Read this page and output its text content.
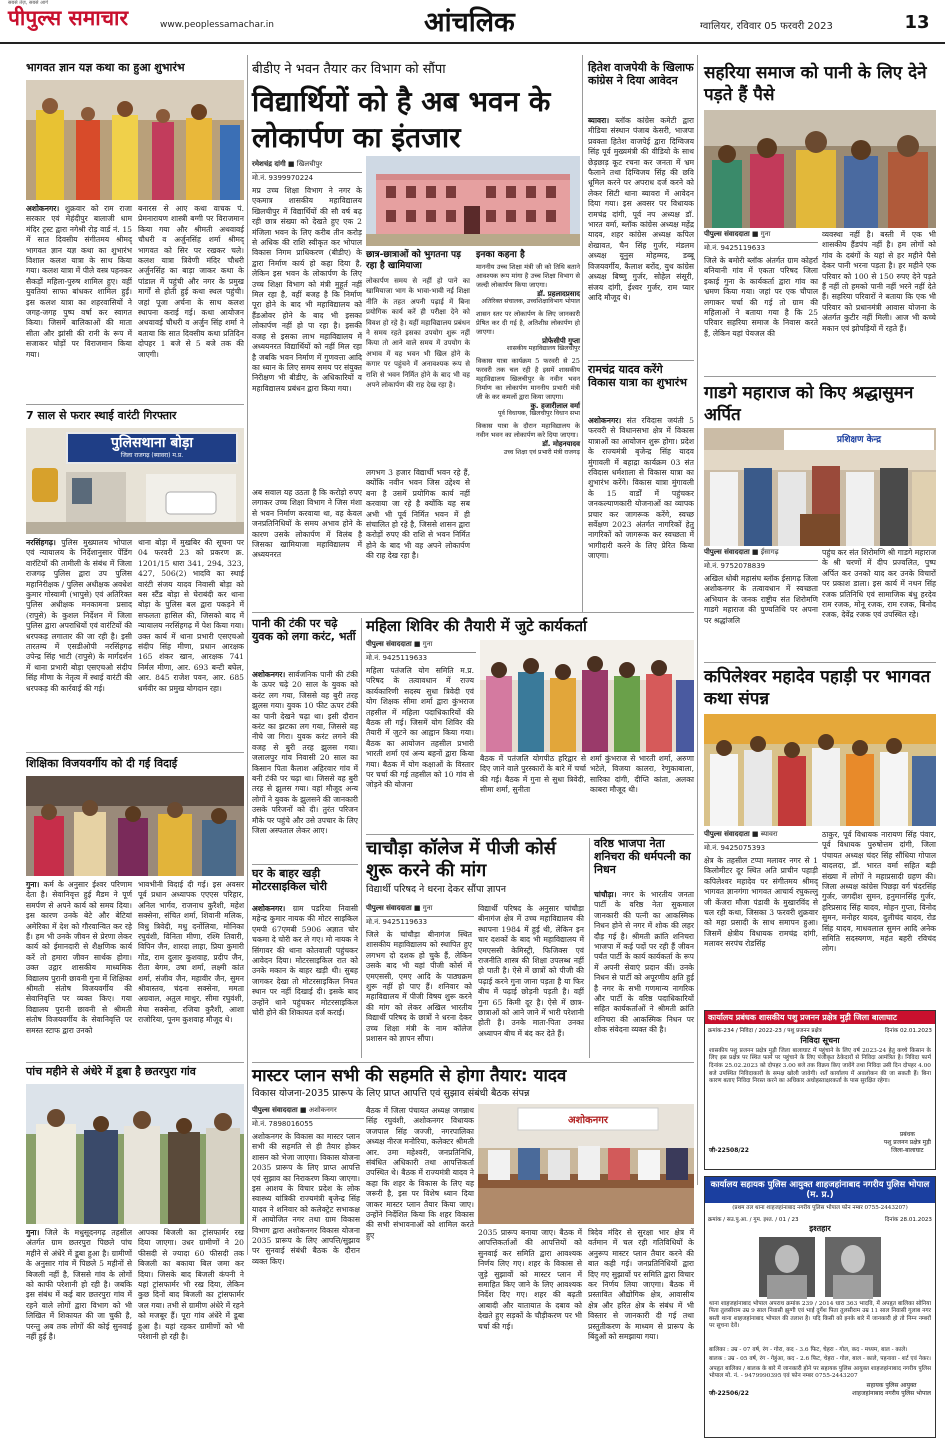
पीपुल्स समाचार
सबसे तेज़, सबसे आगे
www.peoplessamachar.in	आंचलिक	ग्वालियर, रविवार 05 फरवरी 2023	13
भागवत ज्ञान यज्ञ कथा का हुआ शुभारंभ
अशोकनगर। शुक्रवार को राम राजा सरकार एवं मेहंदीपुर बालाजी धाम मंदिर ट्रस्ट द्वारा नगेश्री रोड़ वार्ड नं. 15 में सात दिवसीय संगीतमय श्रीमद् भागवत ज्ञान यज्ञ कथा का शुभारंभ विशाल कलश यात्रा के साथ किया गया। कलश यात्रा में पीले वस्त्र पहनकर सैकड़ों महिला-पुरुष शामिल हुए। वहीं युवतियां साफा बांधकर शामिल हुईं। इस कलश यात्रा का शहरवासियों ने जगह-जगह पुष्प वर्षा कर स्वागत किया। जिसमें बालिकाओं की माता सीता और झांसी की रानी के रूप में सजाकर घोड़ों पर विराजमान किया गया।
बनारस से आए कथा वाचक पं. प्रेमनारायण शास्त्री बग्गी पर विराजमान किया गया और श्रीमती अथवावई चौधरी व अर्जुनसिंह शर्मा श्रीमद् भागवत को सिर पर रखकर चले। कलश यात्रा त्रिवेणी मंदिर चौधरी अर्जुनसिंह का बाड़ा जाकर कथा के पांडाल में पहुंची और नगर के प्रमुख मार्गों से होती हुई कथा स्थल पहुंची। जहां पूजा अर्चना के साथ कलश स्थापना कराई गई। कथा आयोजन अथवावई चौधरी व अर्जुन सिंह शर्मा ने बताया कि सात दिवसीय कथा प्रतिदिन दोपहर 1 बजे से 5 बजे तक की जाएगी।
7 साल से फरार स्थाई वारंटी गिरफ्तार
पुलिसथाना बोड़ा
जिला राजगढ़ (ब्यावरा) म.प्र.
नरसिंहगढ़। पुलिस मुख्यालय भोपाल एवं न्यायालय के निर्देशानुसार पेंडिंग वारंटियों की तामीली के संबंध में जिला राजगढ़ पुलिस द्वारा उप पुलिस महानिरीक्षक / पुलिस अधीक्षक अवधेश कुमार गोस्वामी (भापुसे) एवं अतिरिक्त पुलिस अधीक्षक मनकामना प्रसाद (रापुसे) के कुशल निर्देशन में जिला पुलिस द्वारा अपराधियों एवं वारंटियों की धरपकड़ लगातार की जा रही है। इसी तारतम्य में एसडीओपी नरसिंहगढ़ उपेन्द्र सिंह भाटी (रापुसे) के मार्गदर्शन में थाना प्रभारी बोड़ा एसएचओ संदीप सिंह मीणा के नेतृत्व में स्थाई वारंटी की धरपकड़ की कार्रवाई की गई।
थाना बोड़ा में मुखबिर की सूचना पर 04 फरवरी 23 को प्रकरण क्र. 1201/15 धारा 341, 294, 323, 427, 506(2) भादवि का स्थाई वारंटी संजय यादव निवासी बोड़ा को बस स्टैंड बोड़ा से घेराबंदी कर थाना बोड़ा के पुलिस बल द्वारा पकड़ने में सफलता हासिल की, जिसको बाद में न्यायालय नरसिंहगढ़ में पेश किया गया। उक्त कार्य में थाना प्रभारी एसएचओ संदीप सिंह मीणा, प्रधान आरक्षक 165 शंकर खान, आरक्षक 741 निर्मल मीणा, आर. 693 बन्टी बघेल, आर. 845 राजेश पवन, आर. 685 धर्मवीर का प्रमुख योगदान रहा।
शिक्षिका विजयवर्गीय को दी गई विदाई
गुना। कर्म के अनुसार ईश्वर परिणाम देता है। सेवानिवृत्त हुई मैडम ने पूर्ण समर्पण से अपने कार्य को समय दिया। इस कारण उनके बेटे और बेटियां अमेरिका में देश को गौरवान्वित कर रहे हैं। हम भी उनके जीवन से प्रेरणा लेकर कार्य को ईमानदारी से शैक्षणिक कार्य करें तो हमारा जीवन सार्थक होगा। उक्त उद्गार शासकीय माध्यमिक विद्यालय पुरानी छावनी गुना में शिक्षिका श्रीमती संतोष विजयवर्गीय की सेवानिवृत्ति पर व्यक्त किए। गया विद्यालय पुरानी छावनी से श्रीमती संतोष विजयवर्गीय के सेवानिवृत्ति पर समस्त स्टाफ द्वारा उनको
भावभीनी विदाई दी गई। इस अवसर पूर्व प्रधान अध्यापक एएएस परिहार, अनिल भार्गव, राजनाथ कुरैशी, महेश सक्सेना, संचित शर्मा, शिवानी मलिक, विधु त्रिवेदी, मधु दर्नोलिया, मोनिका रघुवंशी, विनिता मीणा, रश्मि तिवारी, विपिन जैन, शारदा लाहा, प्रिया कुमारी गोंड, राम दुलार कुशवाह, प्रदीप जैन, रीता बेगम, उषा शर्मा, लक्ष्मी कांत शर्मा, संजीव जैन, महावीर जैन, सुमन श्रीवास्तव, चंदना सक्सेना, ममता अग्रवाल, अतुल माथुर, सीमा रघुवंशी, मेघा सक्सेना, रजिया कुरैशी, आशा राजोरिया, पूनम कुशवाह मौजूद थे।
पांच महीने से अंधेरे में डूबा है छतरपुरा गांव
गुना। जिले के मधुसूदनगढ़ तहसील अंतर्गत ग्राम छतरपुरा पिछले पांच महीने से अंधेरे में डूबा हुआ है। ग्रामीणों के अनुसार गांव में पिछले 5 महीनों से बिजली नहीं है, जिससे गांव के लोगों को काफी परेशानी हो रही है। जबकि इस संबंध में कई बार छतरपुरा गांव में रहने वाले लोगों द्वारा विभाग को भी लिखित में शिकायत की जा चुकी है, परन्तु अब तक लोगों की कोई सुनवाई नहीं हुई है।
आपका बिजली का ट्रांसफार्मर रख दिया जाएगा। उधर ग्रामीणों ने 20 फीसदी से ज्यादा 60 फीसदी तक बिजली का बकाया बिल जमा कर दिया। जिसके बाद बिजली कंपनी ने यहां ट्रांसफार्मर भी रख दिया, लेकिन कुछ दिनों बाद बिजली का ट्रांसफार्मर जल गया। तभी से ग्रामीण अंधेरे में रहने को मजबूर हैं। पूरा गांव अंधेरे में डूबा हुआ है। यहां रहकर ग्रामीणों को भी परेशानी हो रही है।
बीडीए ने भवन तैयार कर विभाग को सौंपा
विद्यार्थियों को है अब भवन के लोकार्पण का इंतजार
रमेशचंद्र दांगी ■ खिलचीपुर
मो.नं. 9399970224
मप्र उच्च शिक्षा विभाग ने नगर के एकमात्र शासकीय महाविद्यालय खिलचीपुर में विद्यार्थियों की सौ वर्ष बढ़ रही छात्र संख्या को देखते हुए एक 2 मंजिला भवन के लिए करीब तीन करोड़ से अधिक की राशि स्वीकृत कर भोपाल विकास निगम प्राधिकरण (बीडीए) के द्वारा निर्माण कार्य हो कहा दिया है, लेकिन इस भवन के लोकार्पण के लिए उच्च शिक्षा विभाग को मंत्री मुहूर्त नहीं मिल रहा है, वहीं बजह है कि निर्माण पूरा होने के बाद भी महाविद्यालय को हैंडओवर होने के बाद भी इसका लोकार्पण नहीं हो पा रहा है। इसकी वजह से इसका लाभ महाविद्यालय में अध्ययनरत विद्यार्थियों को नहीं मिल रहा है जबकि भवन निर्माण में गुणवत्ता आदि का ध्यान के लिए समय समय पर संयुक्त निरीक्षण भी बीडीए, के अधिकारियों व महाविद्यालय प्रबंधन द्वारा किया गया।
अब सवाल यह उठता है कि करोड़ो रुपए लगाकर उच्च शिक्षा विभाग ने जिस मंशा से भवन निर्माण करवाया था, वह केवल जनप्रतिनिधियों के समय अभाव होने के कारण उसके लोकार्पण में विलंब है जिसका खामियाजा महाविद्यालय में अध्ययनरत
छात्र-छात्राओं को भुगतना पड़ रहा है खामियाजा
लोकार्पण समय से नहीं हो पाने का खामियाजा भाग के भावा-भावी नई शिक्षा नीति के तहत अपनी पढ़ाई में बिना प्रयोगिक कार्य करें ही परीक्षा देने को विवश हो रहे है। यहीं महाविद्यालय प्रबंधन ने समय रहते इसका उपयोग शुरू नहीं किया तो आने वाले समय में उपयोग के अभाव में यह भवन भी खिल होने के कगार पर पहुंचने में अनावश्यक रूप से राशि से भवन निर्मित होने के बाद भी वह अपने लोकार्पण की राह देख रहा है।
लगभग 3 हजार विद्यार्थी भवन रहे हैं, क्योंकि नवीन भवन जिस उद्देश्य से बना है उसमें प्रयोगिक कार्य नहीं करवाया जा रहे है क्योंकि यह सब अभी भी पूर्व निर्मित भवन में ही संचालित हो रहे है, जिससे शासन द्वारा करोड़ों रुपए की राशि से भवन निर्मित होने के बाद भी वह अपने लोकार्पण की राह देख रहा है।
इनका कहना है
माननीय उच्च शिक्षा मंत्री जी को तिथि बताने आवश्यक रूप मांगा है उच्च शिक्षा विभाग से जल्दी लोकार्पण किया जाएगा।
डॉ. प्रहलादप्रसाद
अतिरिक्त संचालक, उच्चशिक्षाविभाग भोपाल
शासन स्तर पर लोकार्पण के लिए जानकारी प्रेषित कर दी गई है, अतिशीघ्र लोकार्पण हो जाएगा।
प्रोफेसीपी गुप्ता
शासकीय महाविद्यालय खिलचीपुर
विकास यात्रा कार्यक्रम 5 फरवरी से 25 फरवरी तक चल रही है इसमें शासकीय महाविद्यालय खिलचीपुर के नवीन भवन निर्माण का लोकार्पण माननीय प्रभारी मंत्री जी के कर कमलों द्वारा किया जाएगा।
कु. हजारीलाल वर्मा
पूर्व विधायक, खिलचीपुर विधान सभा
विकास यात्रा के दौरान महाविद्यालय के नवीन भवन का लोकार्पण करे दिया जाएगा।
डॉ. मोहनयादव
उच्च शिक्षा एवं प्रभारी मंत्री राजगढ़
हितेश वाजपेयी के खिलाफ कांग्रेस ने दिया आवेदन
ब्यावरा। ब्लॉक कांग्रेस कमेटी द्वारा मीडिया संस्थान पंजाब केसरी, भाजपा प्रवक्ता हितेश वाजपेई द्वारा दिग्विजय सिंह पूर्व मुख्यमंत्री की वीडियो के साथ छेड़छाड़ कूट रचना कर जनता में भ्रम फैलाने तथा दिग्विजय सिंह की छवि धूमिल करने पर अपराध दर्ज करने को लेकर सिटी थाना ब्यावरा में आवेदन दिया गया। इस अवसर पर विधायक रामचंद्र दांगी, पूर्व नप अध्यक्ष डॉ. भारत वर्मा, ब्लॉक कांग्रेस अध्यक्ष महेंद्र यादव, शहर कांग्रेस अध्यक्ष कपिल शेखावत, चैन सिंह गुर्जर, मंडलम अध्यक्ष यूनुस मोहम्मद, डब्बू विजयवर्गीय, कैलाश बरोंद, युथ कांग्रेस अध्यक्ष बिष्णु गुर्जर, सोहेल संसूरी, संजय दांगी, ईश्वर गुर्जर, राम प्यार आदि मौजूद थे।
रामचंद्र यादव करेंगे विकास यात्रा का शुभारंभ
अशोकनगर। संत रविदास जयंती 5 फरवरी से विधानसभा क्षेत्र में विकास यात्राओं का आयोजन शुरू होगा। प्रदेश के राज्यमंत्री बृजेन्द्र सिंह यादव मुंगावली में बहाद्रा कार्यक्रम 03 संत रविदास धर्मशाला से विकास यात्रा का शुभारंभ करेंगे। विकास यात्रा मुंगावली के 15 वार्डों में पहुंचकर जनकल्याणकारी योजनाओं का व्यापक प्रचार कर जागरूक करेंगे, स्वच्छ सर्वेक्षण 2023 अंतर्गत नागरिकों हेतु नागरिकों को जागरूक कर स्वच्छता में भागीदारी करने के लिए प्रेरित किया जाएगा।
पानी की टंकी पर चढ़े युवक को लगा करंट, भर्ती
अशोकनगर। सार्वजनिक पानी की टंकी के ऊपर चढ़े 20 साल के युवक को करंट लग गया, जिससे वह बुरी तरह झुलस गया। युवक 10 फीट ऊपर टंकी का पानी देखने चढ़ा था। इसी दौरान करंट का झटका लग गया, जिससे वह नीचे जा गिरा। युवक करंट लगने की वजह से बुरी तरह झुलस गया। जलालपुर गांव निवासी 20 साल का किसान पिता कैलाश अहिरवार गांव में बनी टंकी पर चढ़ा था। जिससे वह बुरी तरह से झुलस गया। वहां मौजूद अन्य लोगों ने युवक के झुलसने की जानकारी उसके परिजनों को दी। तुरंत परिजन मौके पर पहुंचे और उसे उपचार के लिए जिला अस्पताल लेकर आए।
घर के बाहर खड़ी मोटरसाइकिल चोरी
अशोकनगर। ग्राम पडरिया निवासी महेन्द्र कुमार नायक की मोटर साइकिल एमपी 67एमबी 5906 अज्ञात चोर चकमा दे चोरी कर ले गए। मो नायक ने सिंगावर की थाना कोतवाली पहुंचकर आवेदन दिया। मोटरसाइकिल रात को उनके मकान के बाहर खड़ी थी। सुबह जागकर देखा तो मोटरसाइकिल नियत स्थान पर नहीं दिखाई दी। इसके बाद उन्होंने थाने पहुंचकर मोटरसाइकिल चोरी होने की शिकायत दर्ज कराई।
महिला शिविर की तैयारी में जुटे कार्यकर्ता
पीपुल्स संवाददाता ■ गुना
मो.नं. 9425119633
महिला पतंजलि योग समिति म.प्र. परिषद के तत्वावधान में राज्य कार्यकारिणी सदस्य सुधा त्रिवेदी एवं योग शिक्षक सीमा शर्मा द्वारा कुंभराज तहसील में महिला पदाधिकारियों की बैठक ली गई। जिसमें योग शिविर की तैयारी में जुटने का आह्वान किया गया। बैठक का आयोजन तहसील प्रभारी भारती शर्मा एवं अन्य बहनों द्वारा किया गया। बैठक में योग कक्षाओं के विस्तार पर चर्चा की गई तहसील को 10 गांव से जोड़ने की योजना
बैठक में पतंजलि योगपीठ हरिद्वार से दिए जाने वाले पुरस्कारों के बारे में चर्चा की गई। बैठक में गुना से सुधा त्रिवेदी, सीमा शर्मा, सुनीता
शर्मा कुंभराज से भारती शर्मा, अरुणा भटेले, विजया कालरा, रेणुकाबाला, सारिका दांगी, दीप्ति कांता, अलका काबरा मौजूद थी।
चाचौड़ा कॉलेज में पीजी कोर्स शुरू करने की मांग
विद्यार्थी परिषद ने धरना देकर सौंपा ज्ञापन
पीपुल्स संवाददाता ■ गुना
मो.नं. 9425119633
जिले के चांचौड़ा बीनागंज स्थित शासकीय महाविद्यालय को स्थापित हुए लगभग दो दशक हो चुके हैं, लेकिन उसके बाद भी यहां पीजी कोर्स में एमएससी, एमए आदि के पाठ्यक्रम शुरू नहीं हो पाए हैं। शनिवार को महाविद्यालय में पीजी विषय शुरू करने की मांग को लेकर अखिल भारतीय विद्यार्थी परिषद के छात्रों ने धरना देकर उच्च शिक्षा मंत्री के नाम कॉलेज प्रशासन को ज्ञापन सौंपा।
विद्यार्थी परिषद के अनुसार चांचौड़ा बीनागंज क्षेत्र में उच्च महाविद्यालय की स्थापना 1984 में हुई थी, लेकिन इन चार दशकों के बाद भी महाविद्यालय में एमएससी केमिस्ट्री, फिजिक्स एवं राजनीति शास्त्र की शिक्षा उपलब्ध नहीं हो पाती है। ऐसे में छात्रों को पीजी की पढ़ाई करने गुना जाना पड़ता है या फिर बीच में पढ़ाई छोड़नी पड़ती है। वहीं गुना 65 किमी दूर है। ऐसे में छात्र-छात्राओं को आने जाने में भारी परेशानी होती है। उनके माता-पिता उनका अध्यापन बीच में बंद कर देते हैं।
वरिष्ठ भाजपा नेता शनिचरा की धर्मपत्नी का निधन
चांचौड़ा। नगर के भारतीय जनता पार्टी के वरिष्ठ नेता सुकमाल जानकारी की पत्नी का आकस्मिक निधन होने से नगर में शोक की लहर दौड़ गई है। श्रीमती क्रांति शनिचरा भाजपा में कई पदों पर रही हैं जीवन पर्यंत पार्टी के कार्य कार्यकर्ता के रूप में अपनी सेवाएं प्रदान कीं। उनके निधन से पार्टी को अपूरणीय क्षति हुई है नगर के सभी गणमान्य नागरिक और पार्टी के वरिष्ठ पदाधिकारियों सहित कार्यकर्ताओं ने श्रीमती क्रांति शनिचरा की आकस्मिक निधन पर शोक संवेदना व्यक्त की है।
मास्टर प्लान सभी की सहमति से होगा तैयार: यादव
विकास योजना-2035 प्रारूप के लिए प्राप्त आपत्ति एवं सुझाव संबंधी बैठक संपन्न
पीपुल्स संवाददाता ■ अशोकनगर
मो.नं. 7898016055	अशोकनगर
अशोकनगर के विकास का मास्टर प्लान सभी की सहमति से ही तैयार होकर शासन को भेजा जाएगा। विकास योजना 2035 प्रारूप के लिए प्राप्त आपत्ति एवं सुझाव का निराकरण किया जाएगा। इस आशय के विचार प्रदेश के लोक स्वास्थ्य यांत्रिकी राज्यमंत्री बृजेन्द्र सिंह यादव ने शनिवार को कलेक्ट्रेट सभाकक्ष में आयोजित नगर तथा ग्राम विकास विभाग द्वारा अशोकनगर विकास योजना 2035 प्रारूप के लिए आपत्ति/सुझाव पर सुनवाई संबंधी बैठक के दौरान व्यक्त किए।
बैठक में जिला पंचायत अध्यक्ष जगन्नाथ सिंह रघुवंशी, अशोकनगर विधायक जजपाल सिंह जज्जी, नगरपालिका अध्यक्ष नीरज मनोरिया, कलेक्टर श्रीमती आर. उमा महेश्वरी, जनप्रतिनिधि, संबंधित अधिकारी तथा आपत्तिकर्ता उपस्थित थे। बैठक में राज्यमंत्री यादव ने कहा कि शहर के विकास के लिए यह जरूरी है, इस पर विशेष ध्यान दिया जाकर मास्टर प्लान तैयार किया जाए। उन्होंने निर्देशित किया कि शहर विकास की सभी संभावनाओं को शामिल करते हुए	2035 प्रारूप बनाया जाए। बैठक में आपत्तिकर्ताओं की आपत्तियों को सुनवाई कर समिति द्वारा आवश्यक निर्णय लिए गए। शहर के विकास से जुड़े सुझावों को मास्टर प्लान में समाहित किए जाने के लिए आवश्यक निर्देश दिए गए। शहर की बढ़ती आबादी और यातायात के दबाव को देखते हुए सड़कों के चौड़ीकरण पर भी चर्चा की गई।
त्रिदेव मंदिर से सुरक्षा भार क्षेत्र में वर्तमान में चल रही गतिविधियों के अनुरूप मास्टर प्लान तैयार करने की बात कही गई। जनप्रतिनिधियों द्वारा दिए गए सुझावों पर समिति द्वारा विचार कर निर्णय लिया जाएगा। बैठक में प्रस्तावित औद्योगिक क्षेत्र, आवासीय क्षेत्र और हरित क्षेत्र के संबंध में भी विस्तार से जानकारी दी गई तथा प्रस्तुतीकरण के माध्यम से प्रारूप के बिंदुओं को समझाया गया।
सहरिया समाज को पानी के लिए देने पड़ते हैं पैसे
पीपुल्स संवाददाता ■ गुना
मो.नं. 9425119633
जिले के बमोरी ब्लॉक अंतर्गत ग्राम कोहर्रा बनियानी गांव में एकता परिषद जिला इकाई गुना के कार्यकर्ता द्वारा गांव का भ्रमण किया गया। जहां पर एक चौपाल लगाकर चर्चा की गई तो ग्राम की महिलाओं ने बताया गया है कि 25 परिवार सहरिया समाज के निवास करते हैं, लेकिन यहां पेयजल की
व्यवस्था नहीं है। बस्ती में एक भी शासकीय हैंडपंप नहीं है। हम लोगों को गांव के दबंगों के यहां से हर महीने पैसे देकर पानी भरना पड़ता है। हर महीने एक परिवार को 100 से 150 रुपए देने पड़ते हैं नहीं तो हमको पानी नहीं भरने नहीं देते हैं। सहरिया परिवारों ने बताया कि एक भी परिवार को प्रधानमंत्री आवास योजना के अंतर्गत कुटीर नहीं मिली। आज भी कच्चे मकान एवं झोपड़ियों में रहते हैं।
गाडगे महाराज को किए श्रद्धासुमन अर्पित
प्रशिक्षण केन्द्र
पीपुल्स संवाददाता ■ ईसागढ़
मो.नं. 9752078839
अखिल धोबी महासंघ ब्लॉक ईसागढ़ जिला अशोकनगर के तत्वावधान में स्वच्छता अभियान के जनक राष्ट्रीय संत शिरोमणि गाडगे महाराज की पुण्यतिथि पर अपना पर श्रद्धांजलि
पहुंच कर संत शिरोमणि श्री गाडगे महाराज के श्री चरणों में दीप प्रज्वलित, पुष्प अर्पित कर उनको याद कर उनके विचारों पर प्रकाश डाला। इस कार्य में नथन सिंह रजक प्रतिनिधि एवं सामाजिक बंधु हरदेव राम रजक, मोनू रजक, राम रजक, बिनोद रजक, देवेंद्र रजक एवं उपस्थित रहे।
कपिलेश्वर महादेव पहाड़ी पर भागवत कथा संपन्न
पीपुल्स संवाददाता ■ ब्यावरा
मो.नं. 9425075393
क्षेत्र के तहसील टप्पा मलावर नगर से 1 किलोमीटर दूर स्थित अति प्राचीन पहाड़ी कपिलेश्वर महादेव पर संगीतमय श्रीमद् भागवत ज्ञानगंगा भागवत आचार्य रघुकल्लु जी केंजरा मौजा पंडावी के मुखारविंद से चल रही कथा, जिसका 3 फरवरी शुक्रवार को महा प्रसादी के साथ समापन हुआ। जिसमें क्षेत्रीय विधायक रामचंद्र दांगी, मलावर सरपंच रोडसिंह
ठाकुर, पूर्व विधायक नारायण सिंह पंवार, पूर्व विधायक पुरुषोत्तम दांगी, जिला पंचायत अध्यक्ष चंदर सिंह सौंधिया गोपाल बादलदा, डॉ. भारत वर्मा सहित बड़ी संख्या में लोगों ने महाप्रसादी ग्रहण की। जिला अध्यक्ष कांग्रेस पिछड़ा वर्ग चंदरसिंह गुर्जर, जगदीश सुमन, हनुमानसिंह गुर्जर, हरिप्रसाद सिंह यादव, मोहन गुप्ता, विनोद सुमन, मनोहर यादव, दुलीचंद यादव, रोड सिंह यादव, माधवलाल सुमन आदि अनेक समिति सदस्यगण, महंत बहरी रविचंद लोग।
कार्यालय प्रबंधक शासकीय पशु प्रजनन प्रक्षेत्र मुड़ी जिला बालाघाट
क्रमांक-234 / निविदा / 2022-23 / पशु प्रजनन प्रक्षेत्र	दिनांक 02.01.2023
निविदा सूचना
शासकीय पशु प्रजनन प्रक्षेत्र मुड़ी जिला बालाघाट में पहुंचाने के लिए वर्ष 2023-24 हेतु कच्चे किसान के लिए इस प्रक्षेत्र पर स्थित फार्म पर पहुंचाने के लिए पंजीकृत ठेकेदारों से निविदा आमंत्रित है। निविदा फार्म दिनांक 25.02.2023 को दोपहर 3.00 बजे तक विक्रय किए जावेंगे तथा निविदा उसी दिन दोपहर 4.00 बजे उपस्थित निविदाकारों के समक्ष खोली जावेगी। शर्तें कार्यालय में अवलोकन की जा सकती हैं। बिना कारण बताए निविदा निरस्त करने का अधिकार अधोहस्ताक्षरकर्ता के पास सुरक्षित रहेगा।
जी-22508/22
प्रबंधक
पशु प्रजनन प्रक्षेत्र मुड़ी
जिला-बालाघाट
कार्यालय सहायक पुलिस आयुक्त शाहजहांनाबाद नगरीय पुलिस भोपाल (म. प्र.)
(प्रथम तल थाना शाहजहांनाबाद नगरीय पुलिस भोपाल फोन नम्बर 0755-2443207)
क्रमांक / सउ.पु.आ. / गुम. इश्त. / 01 / 23	दिनांक 28.01.2023
इश्तहार
थाना शाहजहांनाबाद भोपाल अपराध क्रमांक 239 / 2014 धारा 363 भादवि, में अपहृत बालिका सोनिया पिता तुलसीराम उम्र 9 साल निवासी झुग्गी एवं भाई दुर्गेश पिता तुलसीराम उम्र 11 साल निवासी गुलाब नगर बस्ती थाना शाहजहांनाबाद भोपाल की तलाश है। यदि किसी को इनके बारे में जानकारी हो तो निम्न नम्बरों पर सूचना देवें।
बालिका : उम्र - 07 वर्ष, रंग - गोरा, कद - 3.6 फिट, चेहरा - गोल, कद - मध्यम, बाल - काले।
बालक : उम्र - 05 वर्ष, रंग - गेहुंआ, कद - 2.6 फिट, चेहरा - गोल, बाल - काले, पहनावा - शर्ट एवं नेकर।
अपहृत बालिका / बालक के बारे में जानकारी होने पर सहायक पुलिस आयुक्त शाहजहांनाबाद नगरीय पुलिस भोपाल मो. नं. - 9479990395 एवं फोन नम्बर 0755-2443207
जी-22506/22
सहायक पुलिस आयुक्त
शाहजहांनाबाद नगरीय पुलिस भोपाल
